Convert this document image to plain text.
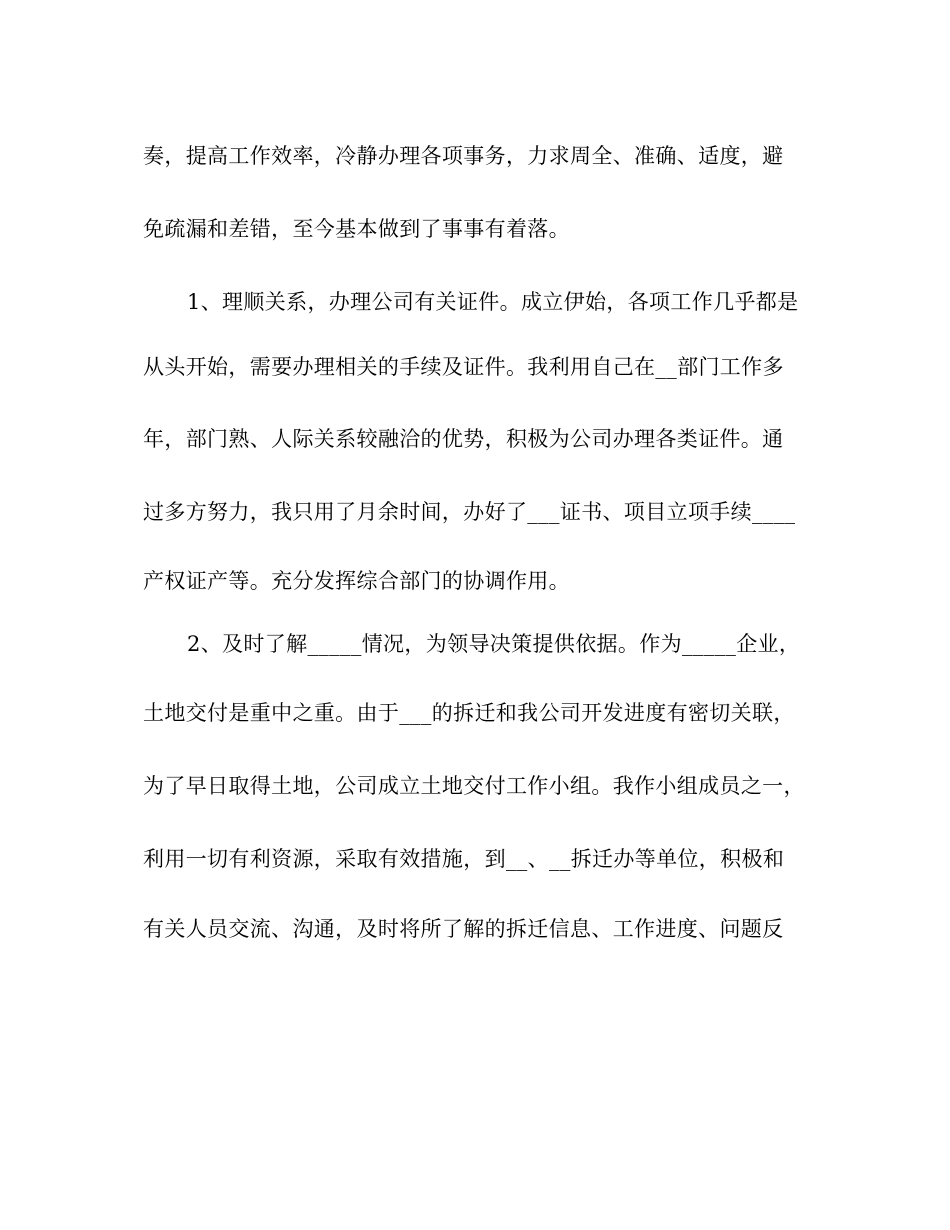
奏，提高工作效率，冷静办理各项事务，力求周全、准确、适度，避
免疏漏和差错，至今基本做到了事事有着落。
1、理顺关系，办理公司有关证件。成立伊始，各项工作几乎都是
从头开始，需要办理相关的手续及证件。我利用自己在__部门工作多
年，部门熟、人际关系较融洽的优势，积极为公司办理各类证件。通
过多方努力，我只用了月余时间，办好了___证书、项目立项手续____
产权证产等。充分发挥综合部门的协调作用。
2、及时了解_____情况，为领导决策提供依据。作为_____企业，
土地交付是重中之重。由于___的拆迁和我公司开发进度有密切关联，
为了早日取得土地，公司成立土地交付工作小组。我作小组成员之一，
利用一切有利资源，采取有效措施，到__、__拆迁办等单位，积极和
有关人员交流、沟通，及时将所了解的拆迁信息、工作进度、问题反
